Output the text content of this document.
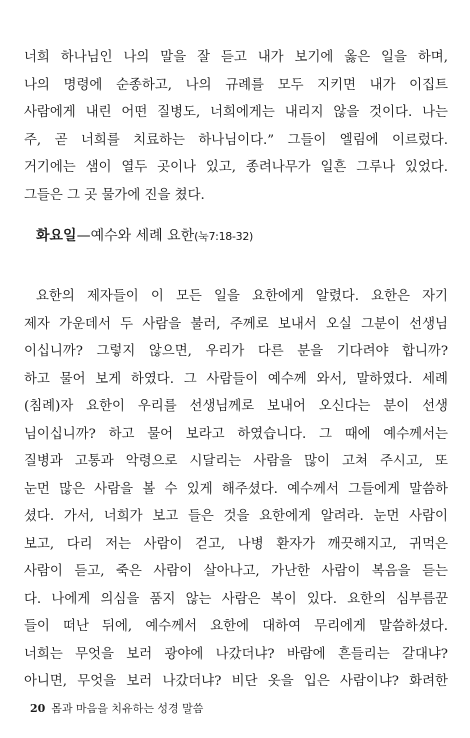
너희 하나님인 나의 말을 잘 듣고 내가 보기에 옳은 일을 하며,
나의 명령에 순종하고, 나의 규례를 모두 지키면 내가 이집트
사람에게 내린 어떤 질병도, 너희에게는 내리지 않을 것이다. 나는
주, 곧 너희를 치료하는 하나님이다.” 그들이 엘림에 이르렀다.
거기에는 샘이 열두 곳이나 있고, 종려나무가 일흔 그루나 있었다.
그들은 그 곳 물가에 진을 쳤다.
화요일—예수와 세례 요한(눅7:18-32)
요한의 제자들이 이 모든 일을 요한에게 알렸다. 요한은 자기
제자 가운데서 두 사람을 불러, 주께로 보내서 오실 그분이 선생님
이십니까? 그렇지 않으면, 우리가 다른 분을 기다려야 합니까?
하고 물어 보게 하였다. 그 사람들이 예수께 와서, 말하였다. 세례
(침례)자 요한이 우리를 선생님께로 보내어 오신다는 분이 선생
님이십니까? 하고 물어 보라고 하였습니다. 그 때에 예수께서는
질병과 고통과 악령으로 시달리는 사람을 많이 고쳐 주시고, 또
눈먼 많은 사람을 볼 수 있게 해주셨다. 예수께서 그들에게 말씀하
셨다. 가서, 너희가 보고 들은 것을 요한에게 알려라. 눈먼 사람이
보고, 다리 저는 사람이 걷고, 나병 환자가 깨끗해지고, 귀먹은
사람이 듣고, 죽은 사람이 살아나고, 가난한 사람이 복음을 듣는
다. 나에게 의심을 품지 않는 사람은 복이 있다. 요한의 심부름꾼
들이 떠난 뒤에, 예수께서 요한에 대하여 무리에게 말씀하셨다.
너희는 무엇을 보러 광야에 나갔더냐? 바람에 흔들리는 갈대냐?
아니면, 무엇을 보러 나갔더냐? 비단 옷을 입은 사람이냐? 화려한
20 몸과 마음을 치유하는 성경 말씀
